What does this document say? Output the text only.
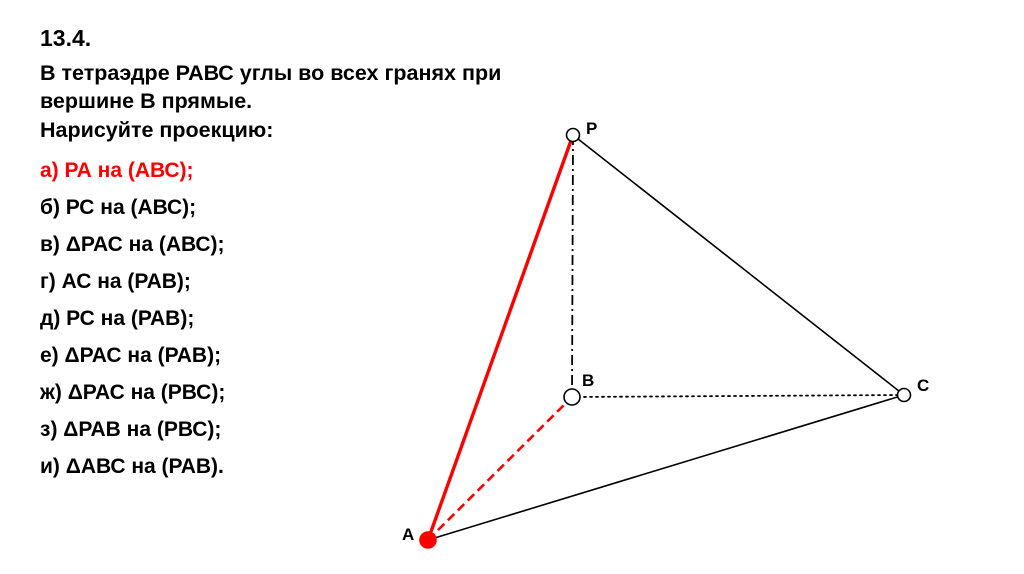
13.4.
В тетраэдре РАВС углы во всех гранях при вершине В прямые.
Нарисуйте проекцию:
а) РА на (АВС);
б) РС на (АВС);
в) ΔРАС на (АВС);
г) АС на (РАВ);
д) РС на (РАВ);
е) ΔРАС на (РАВ);
ж) ΔРАС на (РВС);
з) ΔРАВ на (РВС);
и) ΔАВС на (РАВ).
P
C
B
A
